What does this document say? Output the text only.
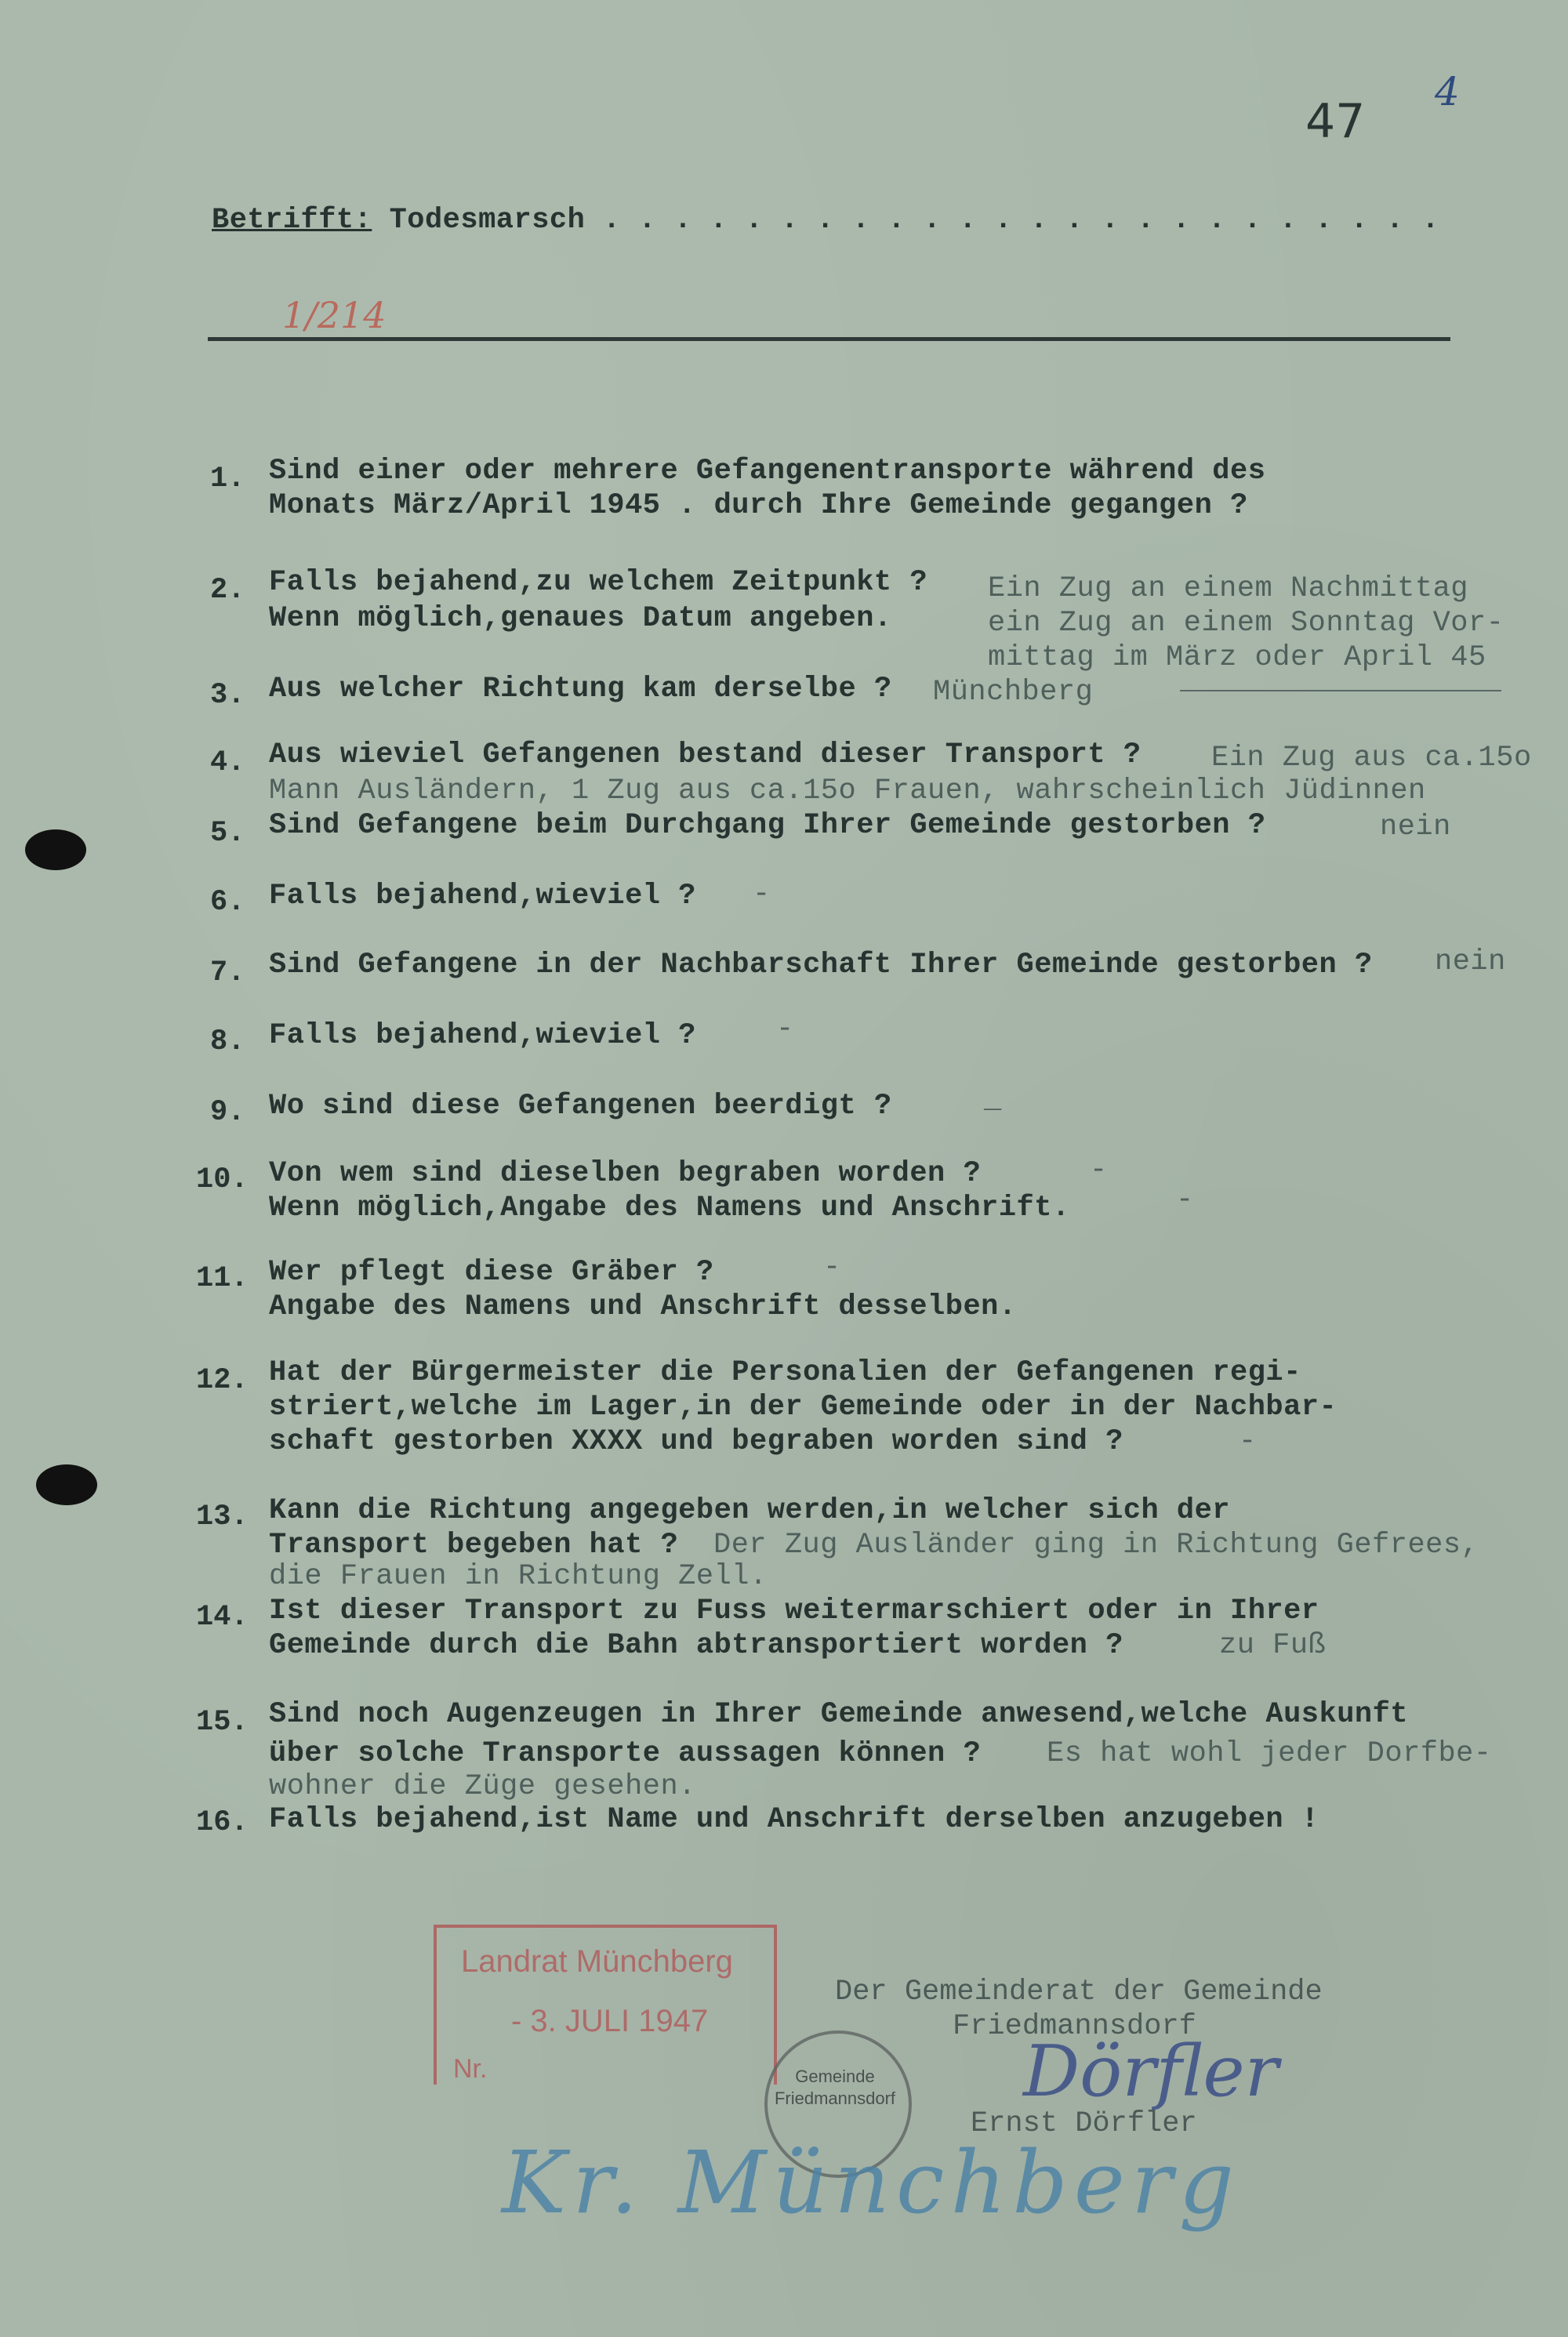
47
4
Betrifft: Todesmarsch . . . . . . . . . . . . . . . . . . . . . . . .
1/214
1. Sind einer oder mehrere Gefangenentransporte während des
Monats März/April 1945 . durch Ihre Gemeinde gegangen ?
2. Falls bejahend,zu welchem Zeitpunkt ?
Wenn möglich,genaues Datum angeben.
Ein Zug an einem Nachmittag
ein Zug an einem Sonntag Vor-
mittag im März oder April 45
3. Aus welcher Richtung kam derselbe ? Münchberg
4. Aus wieviel Gefangenen bestand dieser Transport ? Ein Zug aus ca.15o
Mann Ausländern, 1 Zug aus ca.15o Frauen, wahrscheinlich Jüdinnen
5. Sind Gefangene beim Durchgang Ihrer Gemeinde gestorben ?	nein
6. Falls bejahend,wieviel ? -
7. Sind Gefangene in der Nachbarschaft Ihrer Gemeinde gestorben ? nein
8. Falls bejahend,wieviel ?	-
9. Wo sind diese Gefangenen beerdigt ?	_
10. Von wem sind dieselben begraben worden ?
Wenn möglich,Angabe des Namens und Anschrift.
-
-
11. Wer pflegt diese Gräber ?
Angabe des Namens und Anschrift desselben.
-
12. Hat der Bürgermeister die Personalien der Gefangenen regi-
striert,welche im Lager,in der Gemeinde oder in der Nachbar-
schaft gestorben XXXX und begraben worden sind ?	-
13. Kann die Richtung angegeben werden,in welcher sich der
Transport begeben hat ? Der Zug Ausländer ging in Richtung Gefrees,
die Frauen in Richtung Zell.
14. Ist dieser Transport zu Fuss weitermarschiert oder in Ihrer
Gemeinde durch die Bahn abtransportiert worden ?	zu Fuß
15. Sind noch Augenzeugen in Ihrer Gemeinde anwesend,welche Auskunft
über solche Transporte aussagen können ? Es hat wohl jeder Dorfbe-
wohner die Züge gesehen.
16. Falls bejahend,ist Name und Anschrift derselben anzugeben !
Landrat Münchberg
- 3. JULI 1947
Nr.	Gemeinde
Friedmannsdorf
Der Gemeinderat der Gemeinde
Friedmannsdorf
Dörfler
Ernst Dörfler
Kr. Münchberg
